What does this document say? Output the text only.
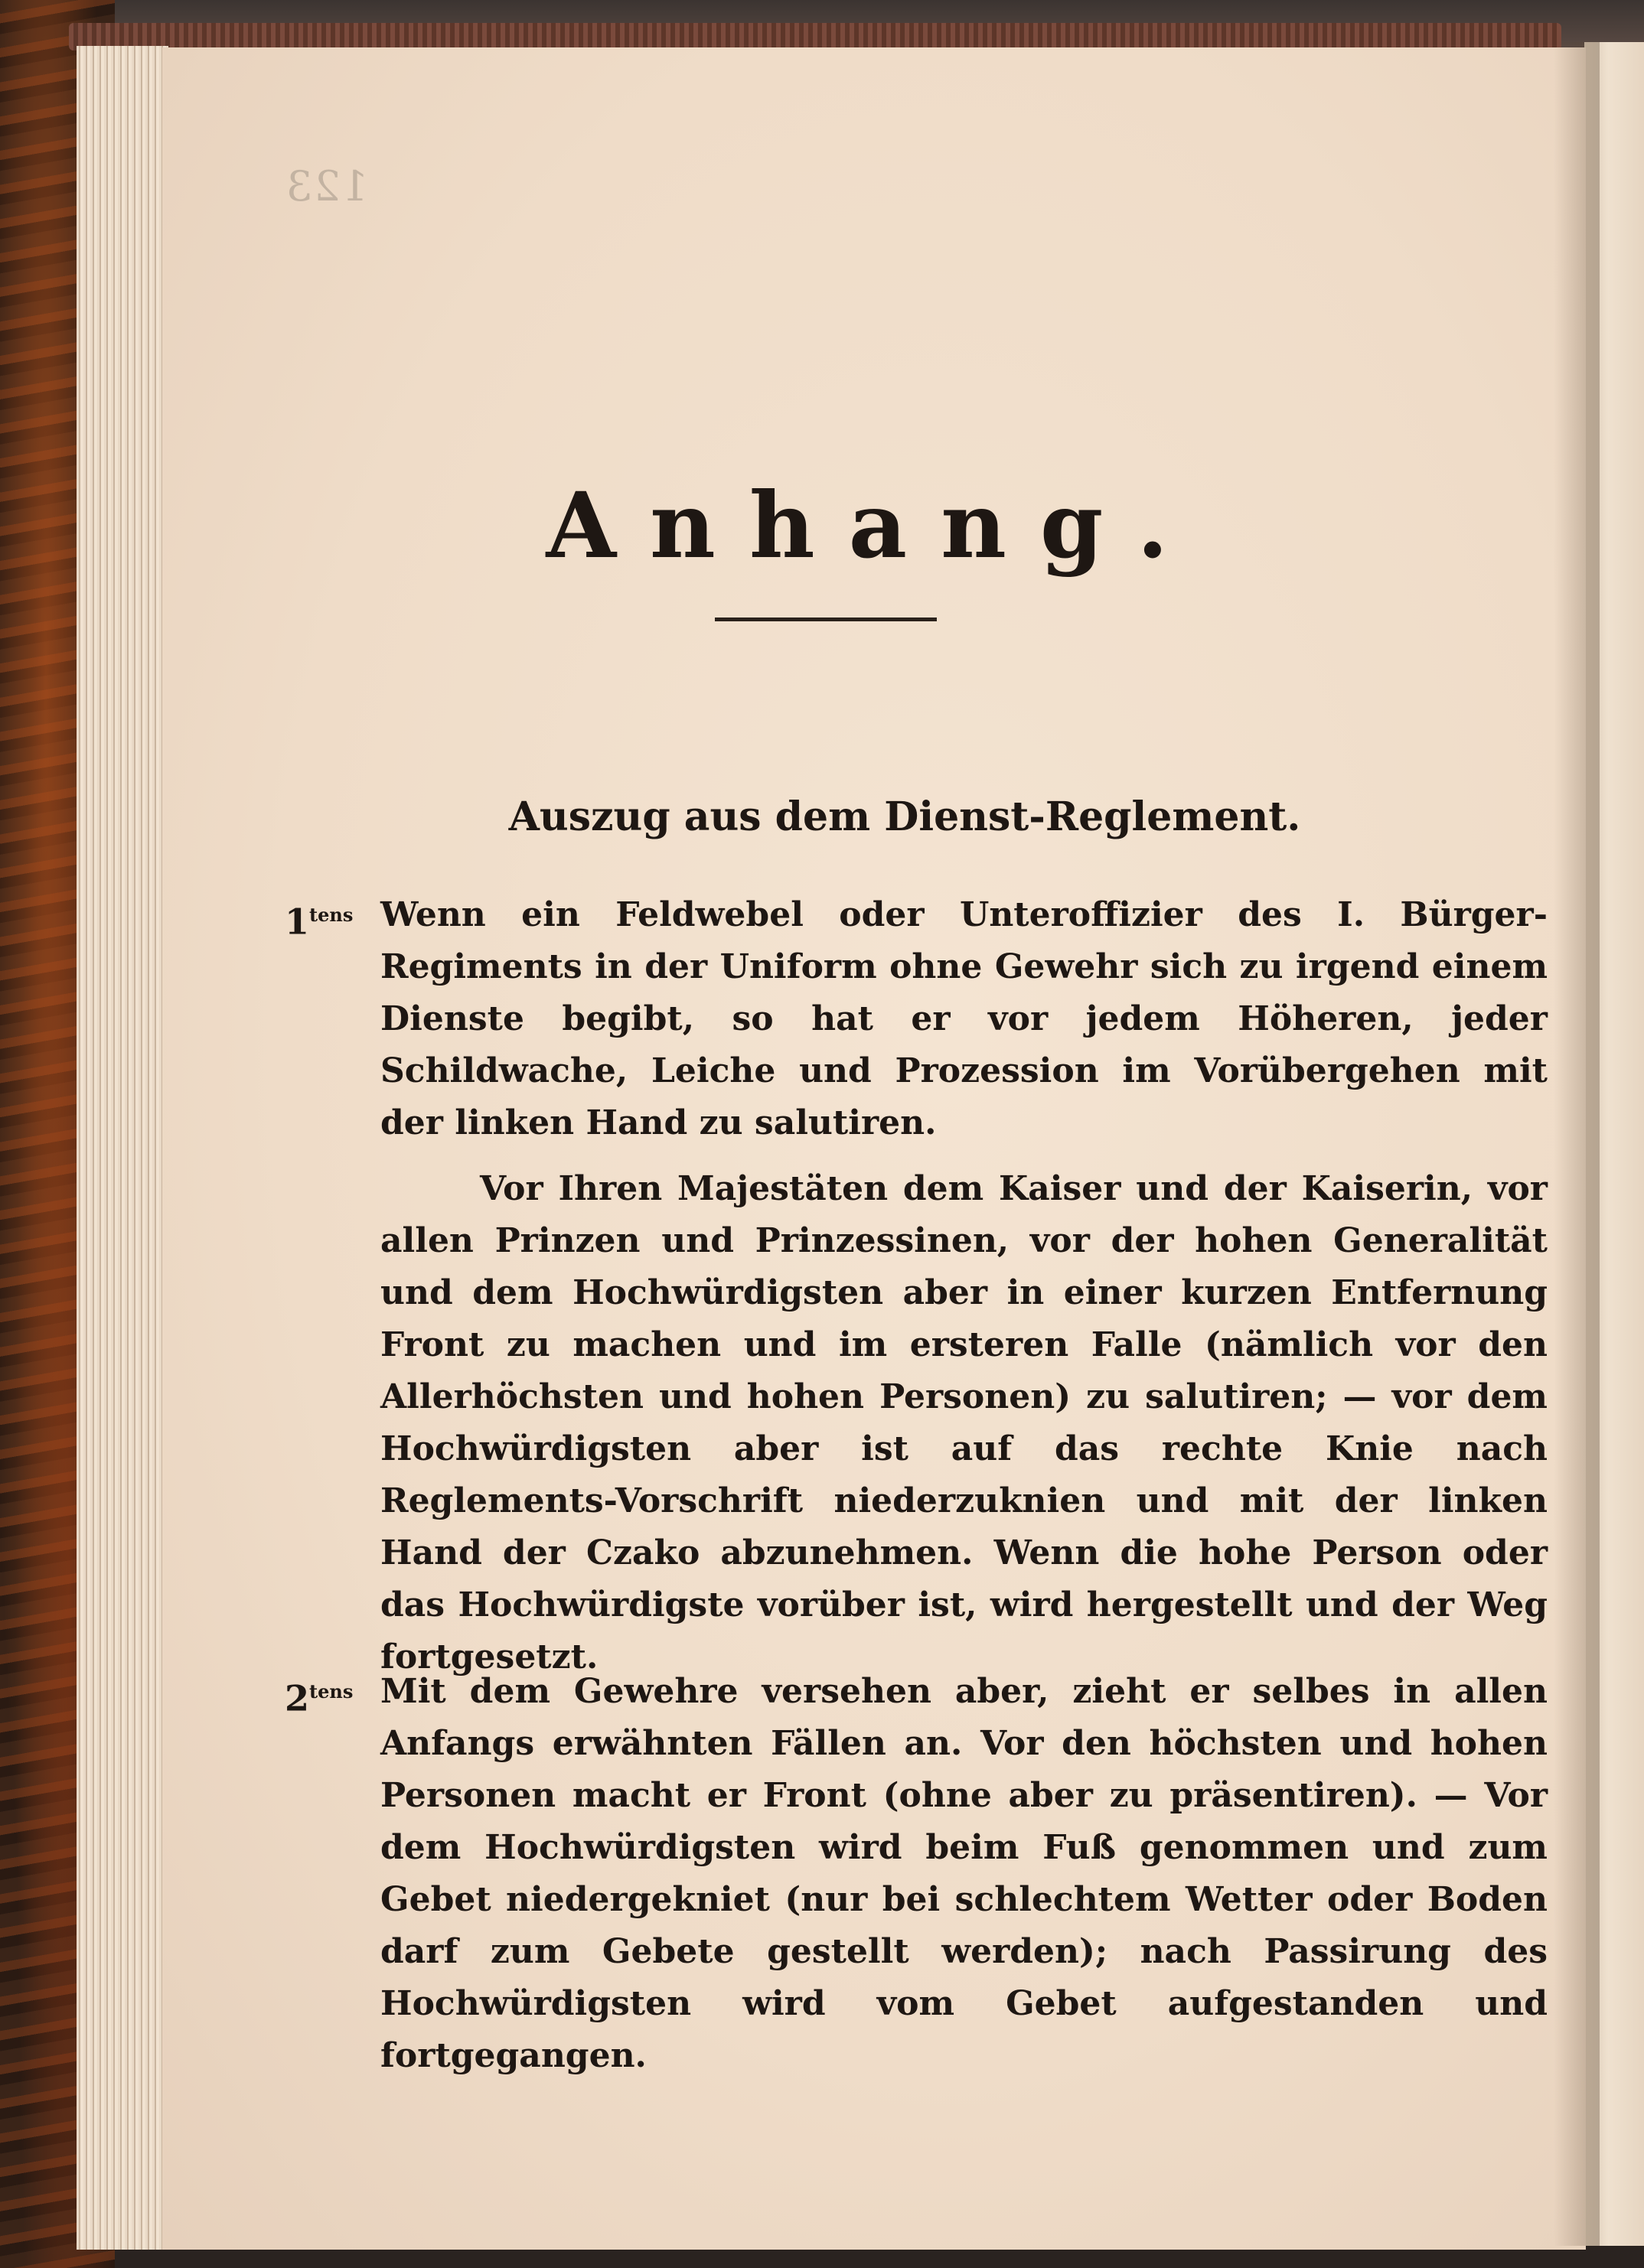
123
Anhang.
Auszug aus dem Dienst-Reglement.
$1^{tens}$ Wenn ein Feldwebel oder Unteroffizier des I. Bürger-Regiments in der Uniform ohne Gewehr sich zu irgend einem Dienste begibt, so hat er vor jedem Höheren, jeder Schildwache, Leiche und Prozession im Vorübergehen mit der linken Hand zu salutiren.

Vor Ihren Majestäten dem Kaiser und der Kaiserin, vor allen Prinzen und Prinzessinen, vor der hohen Generalität und dem Hochwürdigsten aber in einer kurzen Entfernung Front zu machen und im ersteren Falle (nämlich vor den Allerhöchsten und hohen Personen) zu salutiren; — vor dem Hochwürdigsten aber ist auf das rechte Knie nach Reglements-Vorschrift niederzuknien und mit der linken Hand der Czako abzunehmen. Wenn die hohe Person oder das Hochwürdigste vorüber ist, wird hergestellt und der Weg fortgesetzt.

$2^{tens}$ Mit dem Gewehre versehen aber, zieht er selbes in allen Anfangs erwähnten Fällen an. Vor den höchsten und hohen Personen macht er Front (ohne aber zu präsentiren). — Vor dem Hochwürdigsten wird beim Fuß genommen und zum Gebet niedergekniet (nur bei schlechtem Wetter oder Boden darf zum Gebete gestellt werden); nach Passirung des Hochwürdigsten wird vom Gebet aufgestanden und fortgegangen.
